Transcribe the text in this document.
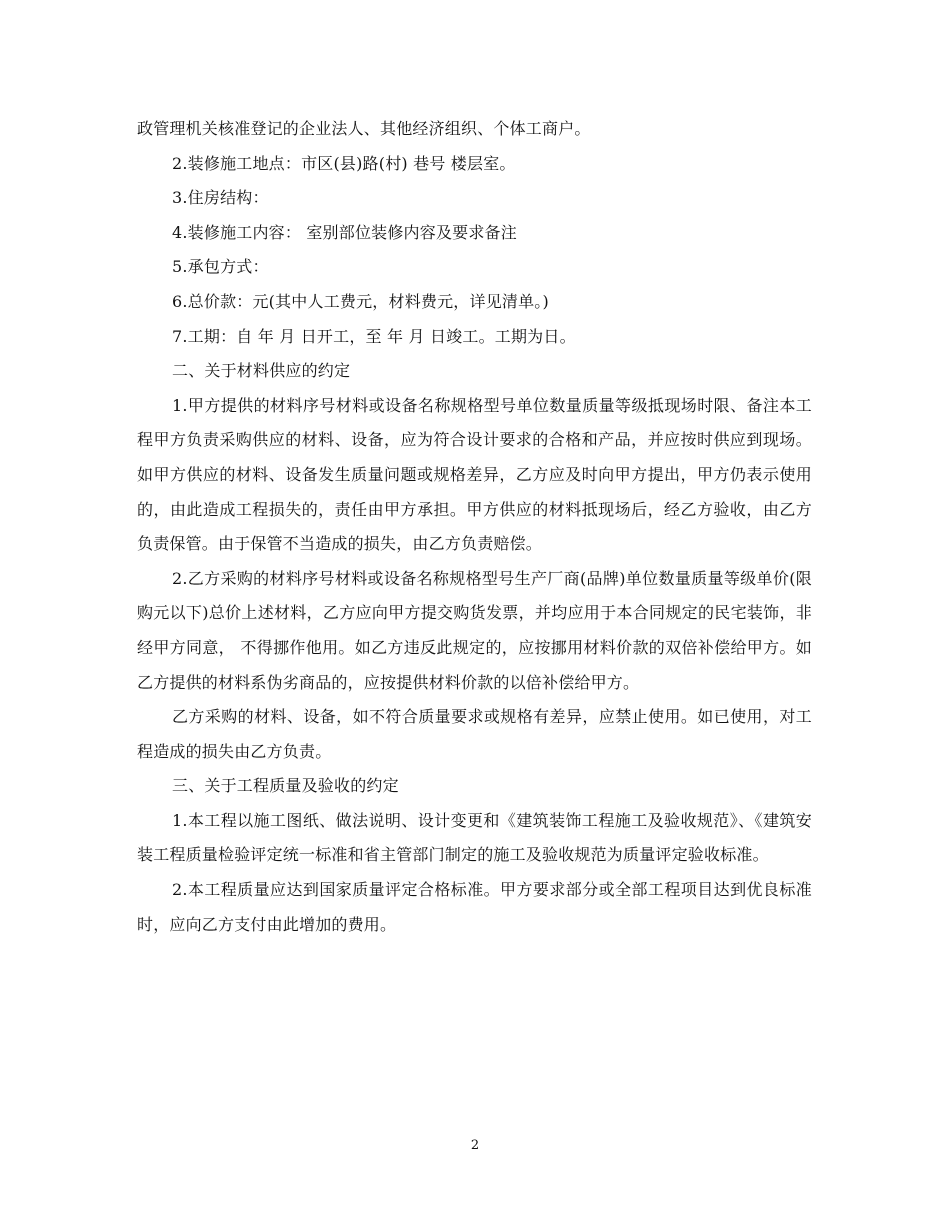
政管理机关核准登记的企业法人、其他经济组织、个体工商户。

2.装修施工地点：市区(县)路(村) 巷号 楼层室。

3.住房结构：

4.装修施工内容： 室别部位装修内容及要求备注

5.承包方式：

6.总价款：元(其中人工费元，材料费元，详见清单。)

7.工期：自 年 月 日开工，至 年 月 日竣工。工期为日。

二、关于材料供应的约定

1.甲方提供的材料序号材料或设备名称规格型号单位数量质量等级抵现场时限、备注本工程甲方负责采购供应的材料、设备，应为符合设计要求的合格和产品，并应按时供应到现场。如甲方供应的材料、设备发生质量问题或规格差异，乙方应及时向甲方提出，甲方仍表示使用的，由此造成工程损失的，责任由甲方承担。甲方供应的材料抵现场后，经乙方验收，由乙方负责保管。由于保管不当造成的损失，由乙方负责赔偿。

2.乙方采购的材料序号材料或设备名称规格型号生产厂商(品牌)单位数量质量等级单价(限购元以下)总价上述材料，乙方应向甲方提交购货发票，并均应用于本合同规定的民宅装饰，非经甲方同意， 不得挪作他用。如乙方违反此规定的，应按挪用材料价款的双倍补偿给甲方。如乙方提供的材料系伪劣商品的，应按提供材料价款的以倍补偿给甲方。

乙方采购的材料、设备，如不符合质量要求或规格有差异，应禁止使用。如已使用，对工程造成的损失由乙方负责。

三、关于工程质量及验收的约定

1.本工程以施工图纸、做法说明、设计变更和《建筑装饰工程施工及验收规范》、《建筑安装工程质量检验评定统一标准和省主管部门制定的施工及验收规范为质量评定验收标准。

2.本工程质量应达到国家质量评定合格标准。甲方要求部分或全部工程项目达到优良标准时，应向乙方支付由此增加的费用。

2
